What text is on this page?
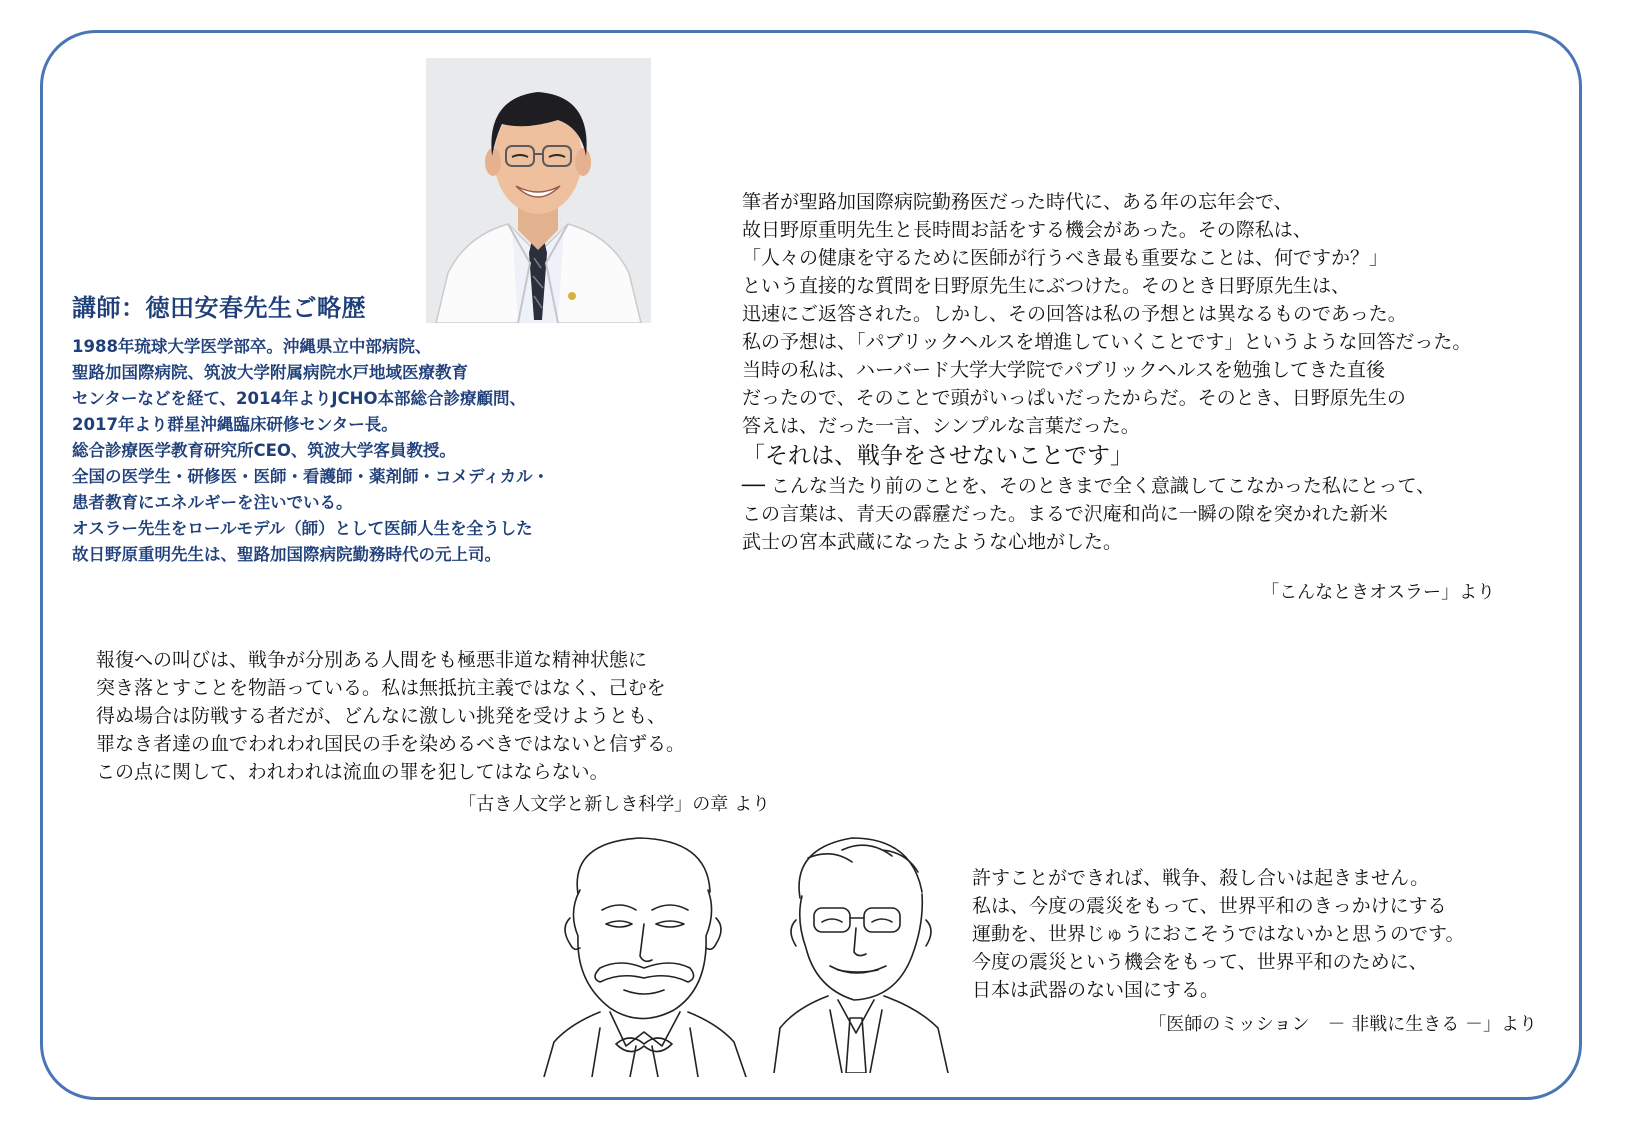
講師：徳田安春先生ご略歴
1988年琉球大学医学部卒。沖縄県立中部病院、
聖路加国際病院、筑波大学附属病院水戸地域医療教育
センターなどを経て、2014年よりJCHO本部総合診療顧問、
2017年より群星沖縄臨床研修センター長。
総合診療医学教育研究所CEO、筑波大学客員教授。
全国の医学生・研修医・医師・看護師・薬剤師・コメディカル・
患者教育にエネルギーを注いでいる。
オスラー先生をロールモデル（師）として医師人生を全うした
故日野原重明先生は、聖路加国際病院勤務時代の元上司。
筆者が聖路加国際病院勤務医だった時代に、ある年の忘年会で、
故日野原重明先生と長時間お話をする機会があった。その際私は、
「人々の健康を守るために医師が行うべき最も重要なことは、何ですか？」
という直接的な質問を日野原先生にぶつけた。そのとき日野原先生は、
迅速にご返答された。しかし、その回答は私の予想とは異なるものであった。
私の予想は、「パブリックヘルスを増進していくことです」というような回答だった。
当時の私は、ハーバード大学大学院でパブリックヘルスを勉強してきた直後
だったので、そのことで頭がいっぱいだったからだ。そのとき、日野原先生の
答えは、だった一言、シンプルな言葉だった。
「それは、戦争をさせないことです」
── こんな当たり前のことを、そのときまで全く意識してこなかった私にとって、
この言葉は、青天の霹靂だった。まるで沢庵和尚に一瞬の隙を突かれた新米
武士の宮本武蔵になったような心地がした。
「こんなときオスラー」より
報復への叫びは、戦争が分別ある人間をも極悪非道な精神状態に
突き落とすことを物語っている。私は無抵抗主義ではなく、己むを
得ぬ場合は防戦する者だが、どんなに激しい挑発を受けようとも、
罪なき者達の血でわれわれ国民の手を染めるべきではないと信ずる。
この点に関して、われわれは流血の罪を犯してはならない。
「古き人文学と新しき科学」の章 より
許すことができれば、戦争、殺し合いは起きません。
私は、今度の震災をもって、世界平和のきっかけにする
運動を、世界じゅうにおこそうではないかと思うのです。
今度の震災という機会をもって、世界平和のために、
日本は武器のない国にする。
「医師のミッション　－ 非戦に生きる －」より
